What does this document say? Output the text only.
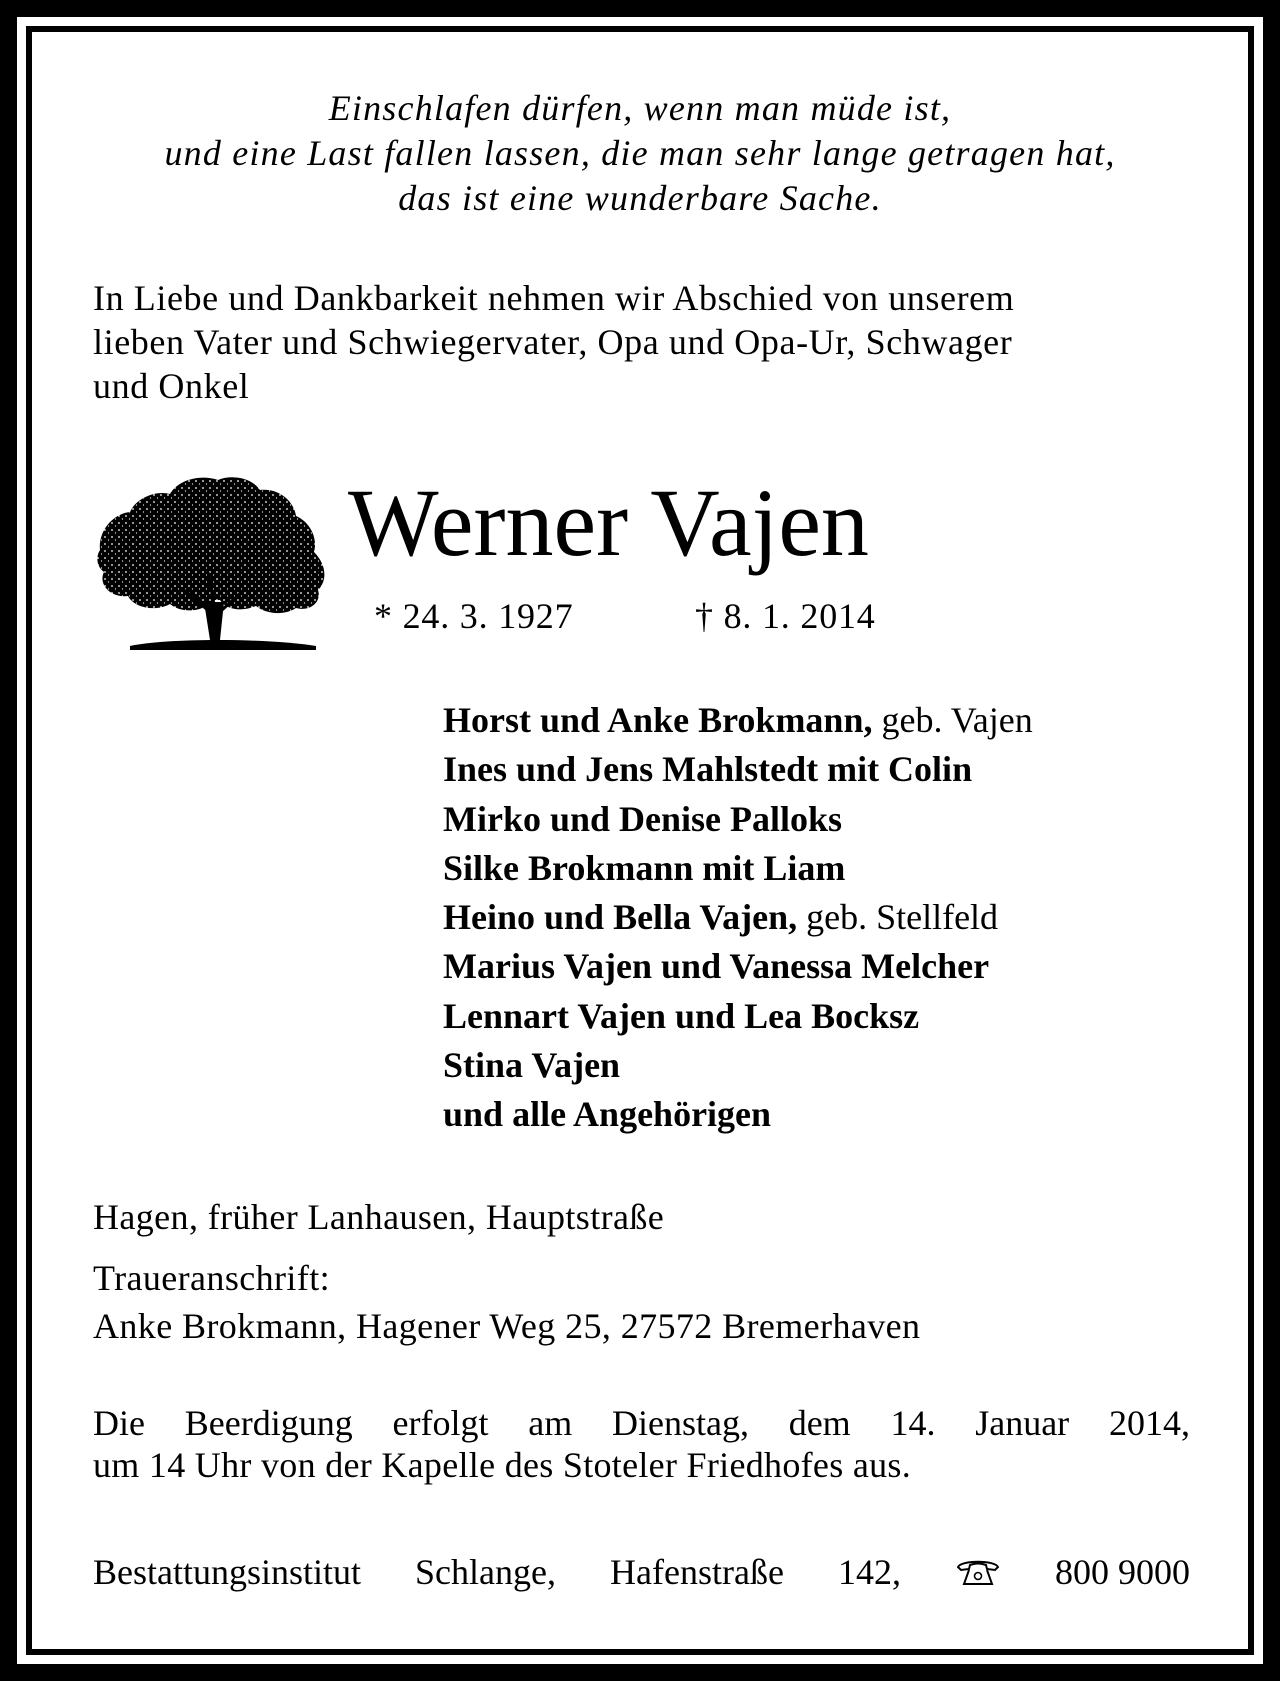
Einschlafen dürfen, wenn man müde ist,
und eine Last fallen lassen, die man sehr lange getragen hat,
das ist eine wunderbare Sache.
In Liebe und Dankbarkeit nehmen wir Abschied von unserem
lieben Vater und Schwiegervater, Opa und Opa-Ur, Schwager
und Onkel
Werner Vajen
* 24. 3. 1927	† 8. 1. 2014
Horst und Anke Brokmann, geb. Vajen
Ines und Jens Mahlstedt mit Colin
Mirko und Denise Palloks
Silke Brokmann mit Liam
Heino und Bella Vajen, geb. Stellfeld
Marius Vajen und Vanessa Melcher
Lennart Vajen und Lea Bocksz
Stina Vajen
und alle Angehörigen
Hagen, früher Lanhausen, Hauptstraße
Traueranschrift:
Anke Brokmann, Hagener Weg 25, 27572 Bremerhaven
Die Beerdigung erfolgt am Dienstag, dem 14. Januar 2014,
um 14 Uhr von der Kapelle des Stoteler Friedhofes aus.
Bestattungsinstitut Schlange, Hafenstraße 142,	800 9000
